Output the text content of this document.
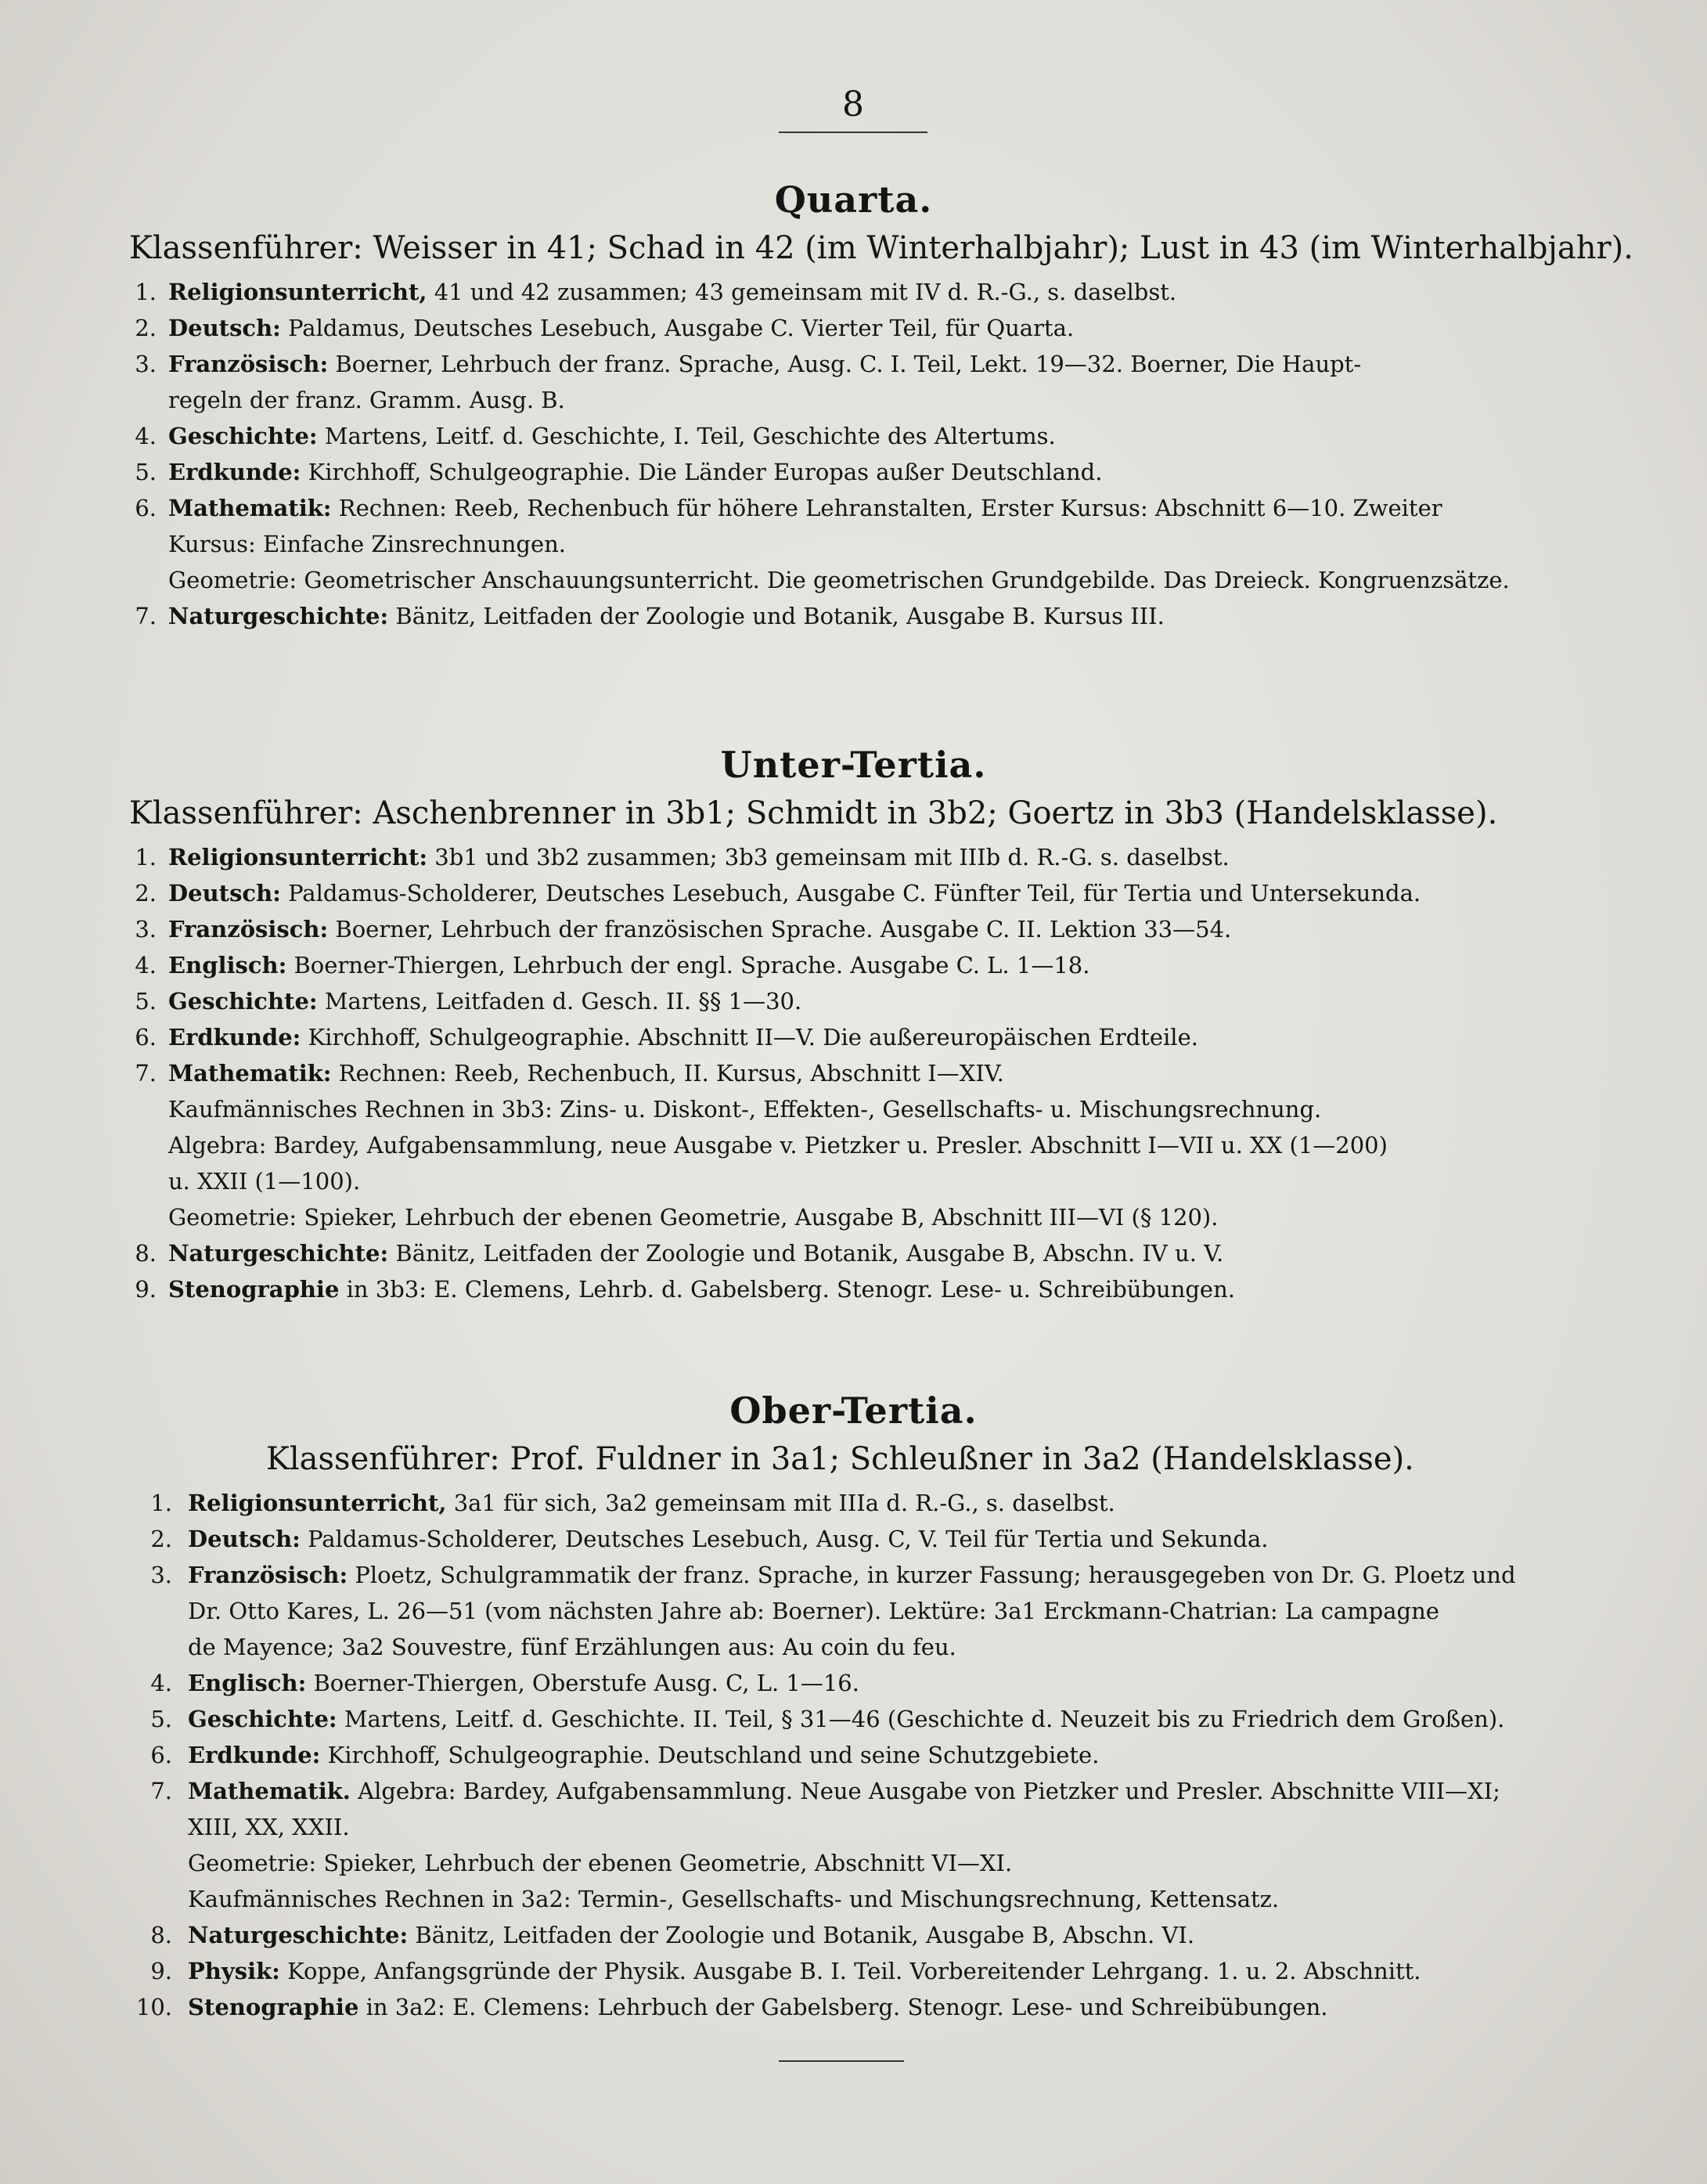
8
Quarta.
Klassenführer: Weisser in 41; Schad in 42 (im Winterhalbjahr); Lust in 43 (im Winterhalbjahr).
1. Religionsunterricht, 41 und 42 zusammen; 43 gemeinsam mit IV d. R.-G., s. daselbst.
2. Deutsch: Paldamus, Deutsches Lesebuch, Ausgabe C. Vierter Teil, für Quarta.
3. Französisch: Boerner, Lehrbuch der franz. Sprache, Ausg. C. I. Teil, Lekt. 19—32. Boerner, Die Haupt-
regeln der franz. Gramm. Ausg. B.
4. Geschichte: Martens, Leitf. d. Geschichte, I. Teil, Geschichte des Altertums.
5. Erdkunde: Kirchhoff, Schulgeographie. Die Länder Europas außer Deutschland.
6. Mathematik: Rechnen: Reeb, Rechenbuch für höhere Lehranstalten, Erster Kursus: Abschnitt 6—10. Zweiter
Kursus: Einfache Zinsrechnungen.
Geometrie: Geometrischer Anschauungsunterricht. Die geometrischen Grundgebilde. Das Dreieck. Kongruenzsätze.
7. Naturgeschichte: Bänitz, Leitfaden der Zoologie und Botanik, Ausgabe B. Kursus III.
Unter-Tertia.
Klassenführer: Aschenbrenner in 3b1; Schmidt in 3b2; Goertz in 3b3 (Handelsklasse).
1. Religionsunterricht: 3b1 und 3b2 zusammen; 3b3 gemeinsam mit IIIb d. R.-G. s. daselbst.
2. Deutsch: Paldamus-Scholderer, Deutsches Lesebuch, Ausgabe C. Fünfter Teil, für Tertia und Untersekunda.
3. Französisch: Boerner, Lehrbuch der französischen Sprache. Ausgabe C. II. Lektion 33—54.
4. Englisch: Boerner-Thiergen, Lehrbuch der engl. Sprache. Ausgabe C. L. 1—18.
5. Geschichte: Martens, Leitfaden d. Gesch. II. §§ 1—30.
6. Erdkunde: Kirchhoff, Schulgeographie. Abschnitt II—V. Die außereuropäischen Erdteile.
7. Mathematik: Rechnen: Reeb, Rechenbuch, II. Kursus, Abschnitt I—XIV.
Kaufmännisches Rechnen in 3b3: Zins- u. Diskont-, Effekten-, Gesellschafts- u. Mischungsrechnung.
Algebra: Bardey, Aufgabensammlung, neue Ausgabe v. Pietzker u. Presler. Abschnitt I—VII u. XX (1—200)
u. XXII (1—100).
Geometrie: Spieker, Lehrbuch der ebenen Geometrie, Ausgabe B, Abschnitt III—VI (§ 120).
8. Naturgeschichte: Bänitz, Leitfaden der Zoologie und Botanik, Ausgabe B, Abschn. IV u. V.
9. Stenographie in 3b3: E. Clemens, Lehrb. d. Gabelsberg. Stenogr. Lese- u. Schreibübungen.
Ober-Tertia.
Klassenführer: Prof. Fuldner in 3a1; Schleußner in 3a2 (Handelsklasse).
1. Religionsunterricht, 3a1 für sich, 3a2 gemeinsam mit IIIa d. R.-G., s. daselbst.
2. Deutsch: Paldamus-Scholderer, Deutsches Lesebuch, Ausg. C, V. Teil für Tertia und Sekunda.
3. Französisch: Ploetz, Schulgrammatik der franz. Sprache, in kurzer Fassung; herausgegeben von Dr. G. Ploetz und
Dr. Otto Kares, L. 26—51 (vom nächsten Jahre ab: Boerner). Lektüre: 3a1 Erckmann-Chatrian: La campagne
de Mayence; 3a2 Souvestre, fünf Erzählungen aus: Au coin du feu.
4. Englisch: Boerner-Thiergen, Oberstufe Ausg. C, L. 1—16.
5. Geschichte: Martens, Leitf. d. Geschichte. II. Teil, § 31—46 (Geschichte d. Neuzeit bis zu Friedrich dem Großen).
6. Erdkunde: Kirchhoff, Schulgeographie. Deutschland und seine Schutzgebiete.
7. Mathematik. Algebra: Bardey, Aufgabensammlung. Neue Ausgabe von Pietzker und Presler. Abschnitte VIII—XI;
XIII, XX, XXII.
Geometrie: Spieker, Lehrbuch der ebenen Geometrie, Abschnitt VI—XI.
Kaufmännisches Rechnen in 3a2: Termin-, Gesellschafts- und Mischungsrechnung, Kettensatz.
8. Naturgeschichte: Bänitz, Leitfaden der Zoologie und Botanik, Ausgabe B, Abschn. VI.
9. Physik: Koppe, Anfangsgründe der Physik. Ausgabe B. I. Teil. Vorbereitender Lehrgang. 1. u. 2. Abschnitt.
10. Stenographie in 3a2: E. Clemens: Lehrbuch der Gabelsberg. Stenogr. Lese- und Schreibübungen.
